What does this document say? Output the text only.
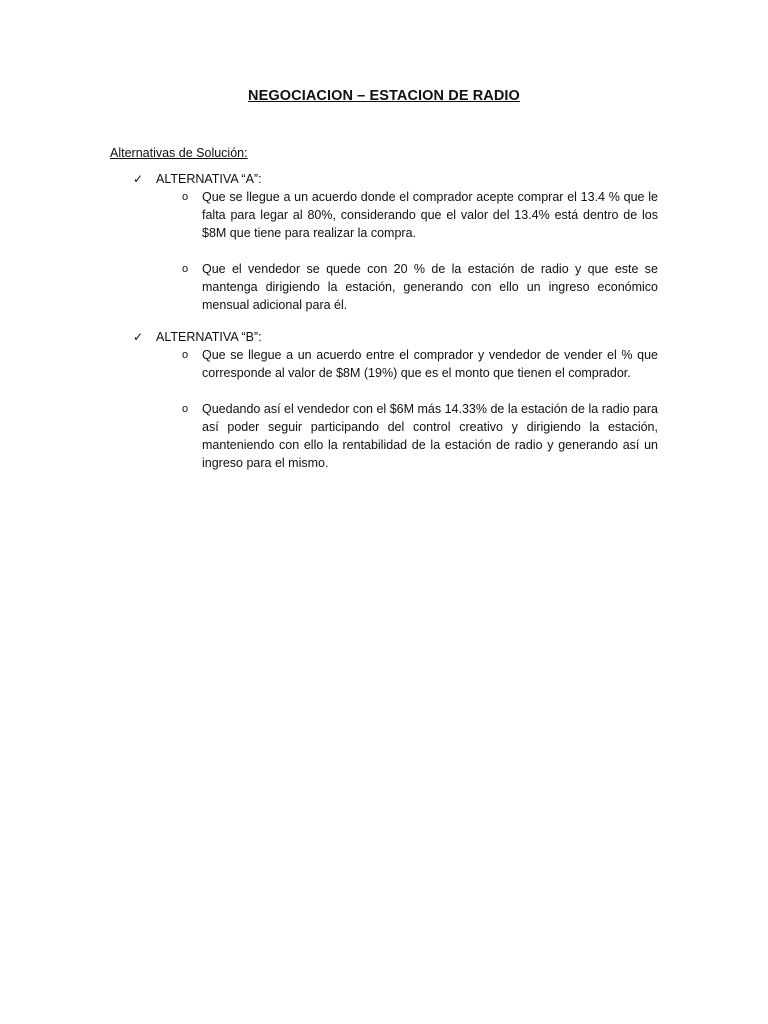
NEGOCIACION – ESTACION DE RADIO
Alternativas de Solución:
✓ ALTERNATIVA “A”:
o Que se llegue a un acuerdo donde el comprador acepte comprar el 13.4 % que le falta para legar al 80%, considerando que el valor del 13.4% está dentro de los $8M que tiene para realizar la compra.
o Que el vendedor se quede con 20 % de la estación de radio y que este se mantenga dirigiendo la estación, generando con ello un ingreso económico mensual adicional para él.
✓ ALTERNATIVA “B”:
o Que se llegue a un acuerdo entre el comprador y vendedor de vender el % que corresponde al valor de $8M (19%) que es el monto que tienen el comprador.
o Quedando así el vendedor con el $6M más 14.33% de la estación de la radio para así poder seguir participando del control creativo y dirigiendo la estación, manteniendo con ello la rentabilidad de la estación de radio y generando así un ingreso para el mismo.
